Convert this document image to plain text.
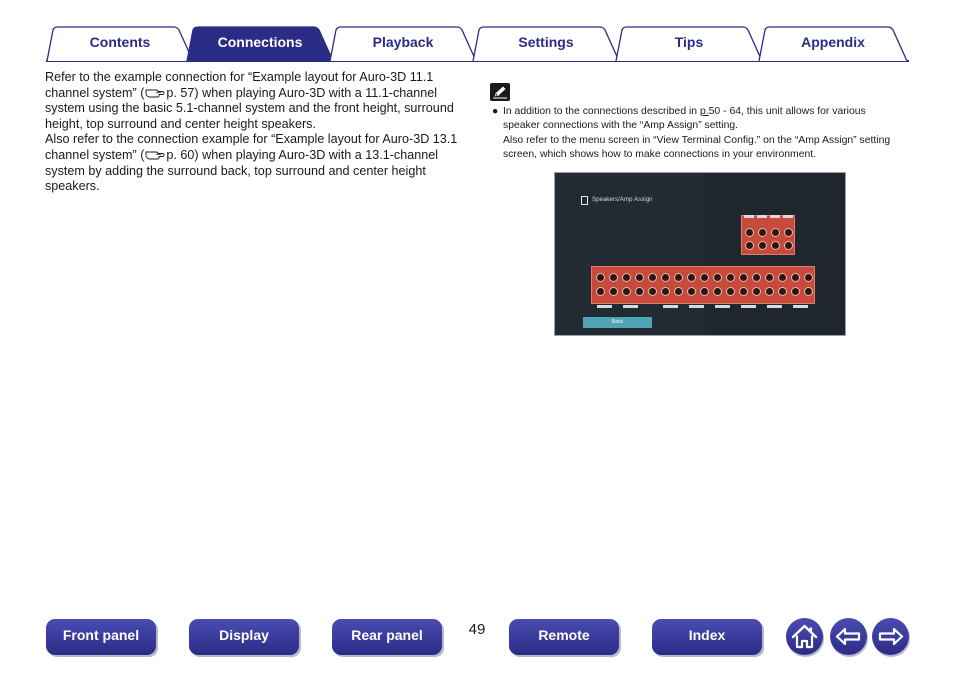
Contents	Connections	Playback	Settings	Tips	Appendix

Refer to the example connection for “Example layout for Auro-3D 11.1 channel system” ( p. 57) when playing Auro-3D with a 11.1-channel system using the basic 5.1-channel system and the front height, surround height, top surround and center height speakers.

Also refer to the connection example for “Example layout for Auro-3D 13.1 channel system” ( p. 60) when playing Auro-3D with a 13.1-channel system by adding the surround back, top surround and center height speakers.

● In addition to the connections described in p.50 - 64, this unit allows for various speaker connections with the “Amp Assign” setting.
Also refer to the menu screen in “View Terminal Config.” on the “Amp Assign” setting screen, which shows how to make connections in your environment.
Speakers/Amp Assign
Back
Front panel	Display	Rear panel	49	Remote	Index
